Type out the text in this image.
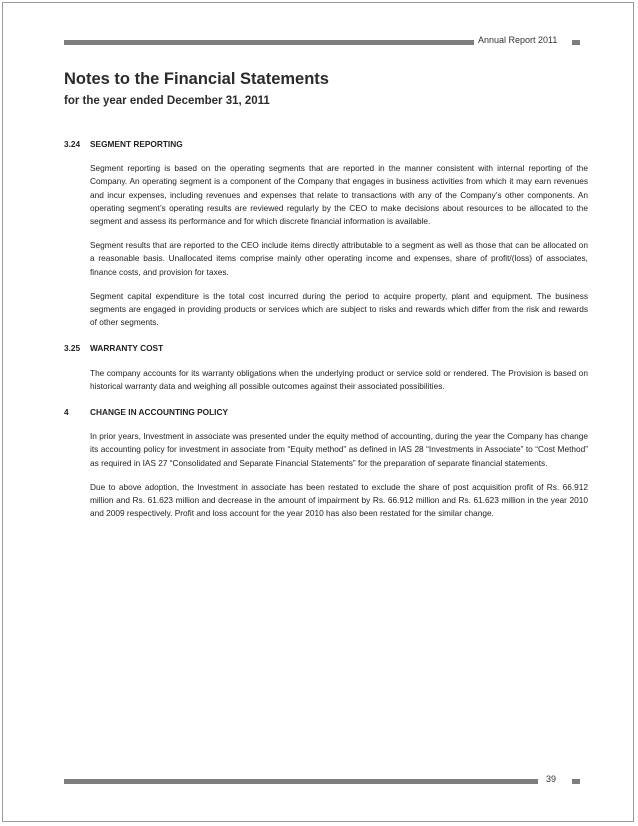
Annual Report 2011
Notes to the Financial Statements
for the year ended December 31, 2011
3.24	SEGMENT REPORTING

Segment reporting is based on the operating segments that are reported in the manner consistent with internal reporting of the Company. An operating segment is a component of the Company that engages in business activities from which it may earn revenues and incur expenses, including revenues and expenses that relate to transactions with any of the Company’s other components. An operating segment’s operating results are reviewed regularly by the CEO to make decisions about resources to be allocated to the segment and assess its performance and for which discrete financial information is available.

Segment results that are reported to the CEO include items directly attributable to a segment as well as those that can be allocated on a reasonable basis. Unallocated items comprise mainly other operating income and expenses, share of profit/(loss) of associates, finance costs, and provision for taxes.

Segment capital expenditure is the total cost incurred during the period to acquire property, plant and equipment. The business segments are engaged in providing products or services which are subject to risks and rewards which differ from the risk and rewards of other segments.

3.25	WARRANTY COST

The company accounts for its warranty obligations when the underlying product or service sold or rendered. The Provision is based on historical warranty data and weighing all possible outcomes against their associated possibilities.

4	CHANGE IN ACCOUNTING POLICY

In prior years, Investment in associate was presented under the equity method of accounting, during the year the Company has change its accounting policy for investment in associate from “Equity method” as defined in IAS 28 “Investments in Associate” to “Cost Method” as required in IAS 27 “Consolidated and Separate Financial Statements” for the preparation of separate financial statements.

Due to above adoption, the Investment in associate has been restated to exclude the share of post acquisition profit of Rs. 66.912 million and Rs. 61.623 million and decrease in the amount of impairment by Rs. 66.912 million and Rs. 61.623 million in the year 2010 and 2009 respectively. Profit and loss account for the year 2010 has also been restated for the similar change.

39
